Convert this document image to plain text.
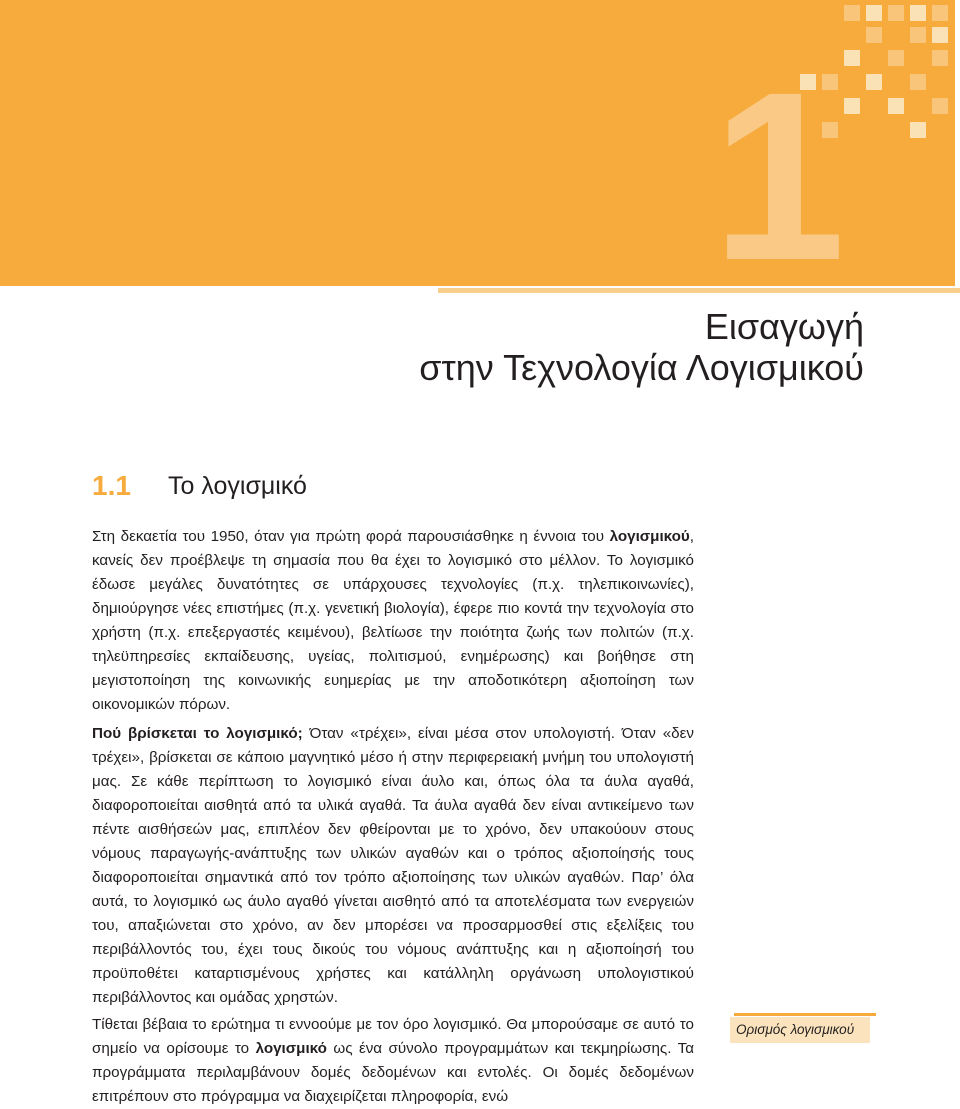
1
Εισαγωγή
στην Τεχνολογία Λογισμικού
1.1	Το λογισμικό

Στη δεκαετία του 1950, όταν για πρώτη φορά παρουσιάσθηκε η έννοια του λογισμικού, κανείς δεν προέβλεψε τη σημασία που θα έχει το λογισμικό στο μέλλον. Το λογισμικό έδωσε μεγάλες δυνατότητες σε υπάρχουσες τεχνολογίες (π.χ. τηλεπικοινωνίες), δημιούργησε νέες επιστήμες (π.χ. γενετική βιολογία), έφερε πιο κοντά την τεχνολογία στο χρήστη (π.χ. επεξεργαστές κειμένου), βελτίωσε την ποιότητα ζωής των πολιτών (π.χ. τηλεϋπηρεσίες εκπαίδευσης, υγείας, πολιτισμού, ενημέρωσης) και βοήθησε στη μεγιστοποίηση της κοινωνικής ευημερίας με την αποδοτικότερη αξιοποίηση των οικονομικών πόρων.

Πού βρίσκεται το λογισμικό; Όταν «τρέχει», είναι μέσα στον υπολογιστή. Όταν «δεν τρέχει», βρίσκεται σε κάποιο μαγνητικό μέσο ή στην περιφερειακή μνήμη του υπολογιστή μας. Σε κάθε περίπτωση το λογισμικό είναι άυλο και, όπως όλα τα άυλα αγαθά, διαφοροποιείται αισθητά από τα υλικά αγαθά. Τα άυλα αγαθά δεν είναι αντικείμενο των πέντε αισθήσεών μας, επιπλέον δεν φθείρονται με το χρόνο, δεν υπακούουν στους νόμους παραγωγής-ανάπτυξης των υλικών αγαθών και ο τρόπος αξιοποίησής τους διαφοροποιείται σημαντικά από τον τρόπο αξιοποίησης των υλικών αγαθών. Παρ’ όλα αυτά, το λογισμικό ως άυλο αγαθό γίνεται αισθητό από τα αποτελέσματα των ενεργειών του, απαξιώνεται στο χρόνο, αν δεν μπορέσει να προσαρμοσθεί στις εξελίξεις του περιβάλλοντός του, έχει τους δικούς του νόμους ανάπτυξης και η αξιοποίησή του προϋποθέτει καταρτισμένους χρήστες και κατάλληλη οργάνωση υπολογιστικού περιβάλλοντος και ομάδας χρηστών.

Τίθεται βέβαια το ερώτημα τι εννοούμε με τον όρο λογισμικό. Θα μπορούσαμε σε αυτό το σημείο να ορίσουμε το λογισμικό ως ένα σύνολο προγραμμάτων και τεκμηρίωσης. Τα προγράμματα περιλαμβάνουν δομές δεδομένων και εντολές. Οι δομές δεδομένων επιτρέπουν στο πρόγραμμα να διαχειρίζεται πληροφορία, ενώ

Ορισμός λογισμικού
